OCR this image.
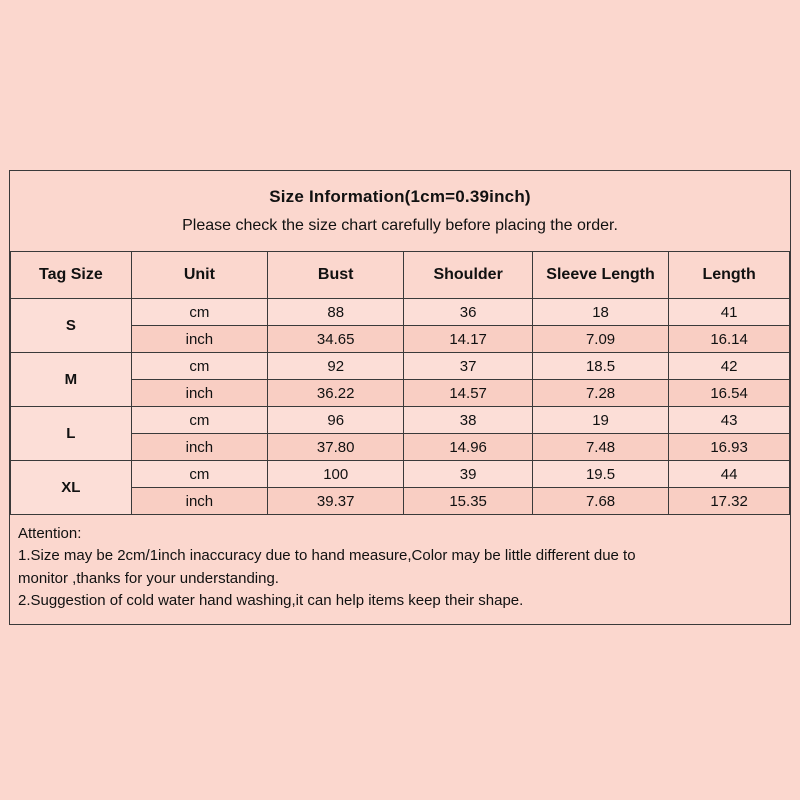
Size Information(1cm=0.39inch)
Please check the size chart carefully before placing the order.
Tag Size	Unit	Bust	Shoulder	Sleeve Length	Length
S	cm	88	36	18	41
	inch	34.65	14.17	7.09	16.14
M	cm	92	37	18.5	42
	inch	36.22	14.57	7.28	16.54
L	cm	96	38	19	43
	inch	37.80	14.96	7.48	16.93
XL	cm	100	39	19.5	44
	inch	39.37	15.35	7.68	17.32
Attention:
1.Size may be 2cm/1inch inaccuracy due to hand measure,Color may be little different due to
monitor ,thanks for your understanding.
2.Suggestion of cold water hand washing,it can help items keep their shape.
